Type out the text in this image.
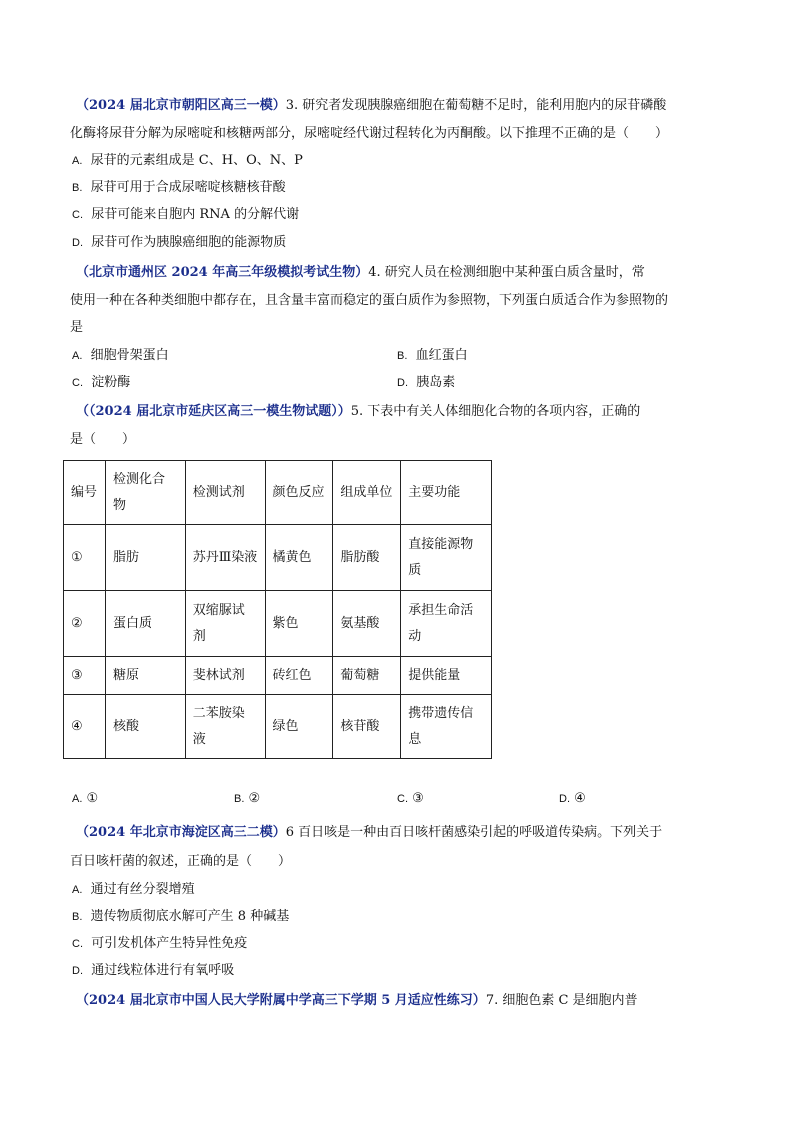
（2024 届北京市朝阳区高三一模）3. 研究者发现胰腺癌细胞在葡萄糖不足时，能利用胞内的尿苷磷酸
化酶将尿苷分解为尿嘧啶和核糖两部分，尿嘧啶经代谢过程转化为丙酮酸。以下推理不正确的是（　　）
A. 尿苷的元素组成是 C、H、O、N、P
B. 尿苷可用于合成尿嘧啶核糖核苷酸
C. 尿苷可能来自胞内 RNA 的分解代谢
D. 尿苷可作为胰腺癌细胞的能源物质
（北京市通州区 2024 年高三年级模拟考试生物）4. 研究人员在检测细胞中某种蛋白质含量时，常
使用一种在各种类细胞中都存在，且含量丰富而稳定的蛋白质作为参照物，下列蛋白质适合作为参照物的
是
A. 细胞骨架蛋白	B. 血红蛋白
C. 淀粉酶	D. 胰岛素
（（2024 届北京市延庆区高三一模生物试题））5. 下表中有关人体细胞化合物的各项内容，正确的
是（　　）
编号	检测化合物	检测试剂	颜色反应	组成单位	主要功能
①	脂肪	苏丹Ⅲ染液	橘黄色	脂肪酸	直接能源物质
②	蛋白质	双缩脲试剂	紫色	氨基酸	承担生命活动
③	糖原	斐林试剂	砖红色	葡萄糖	提供能量
④	核酸	二苯胺染液	绿色	核苷酸	携带遗传信息
A. ①	B. ②	C. ③	D. ④
（2024 年北京市海淀区高三二模）6 百日咳是一种由百日咳杆菌感染引起的呼吸道传染病。下列关于
百日咳杆菌的叙述，正确的是（　　）
A. 通过有丝分裂增殖
B. 遗传物质彻底水解可产生 8 种碱基
C. 可引发机体产生特异性免疫
D. 通过线粒体进行有氧呼吸
（2024 届北京市中国人民大学附属中学高三下学期 5 月适应性练习）7. 细胞色素 C 是细胞内普
